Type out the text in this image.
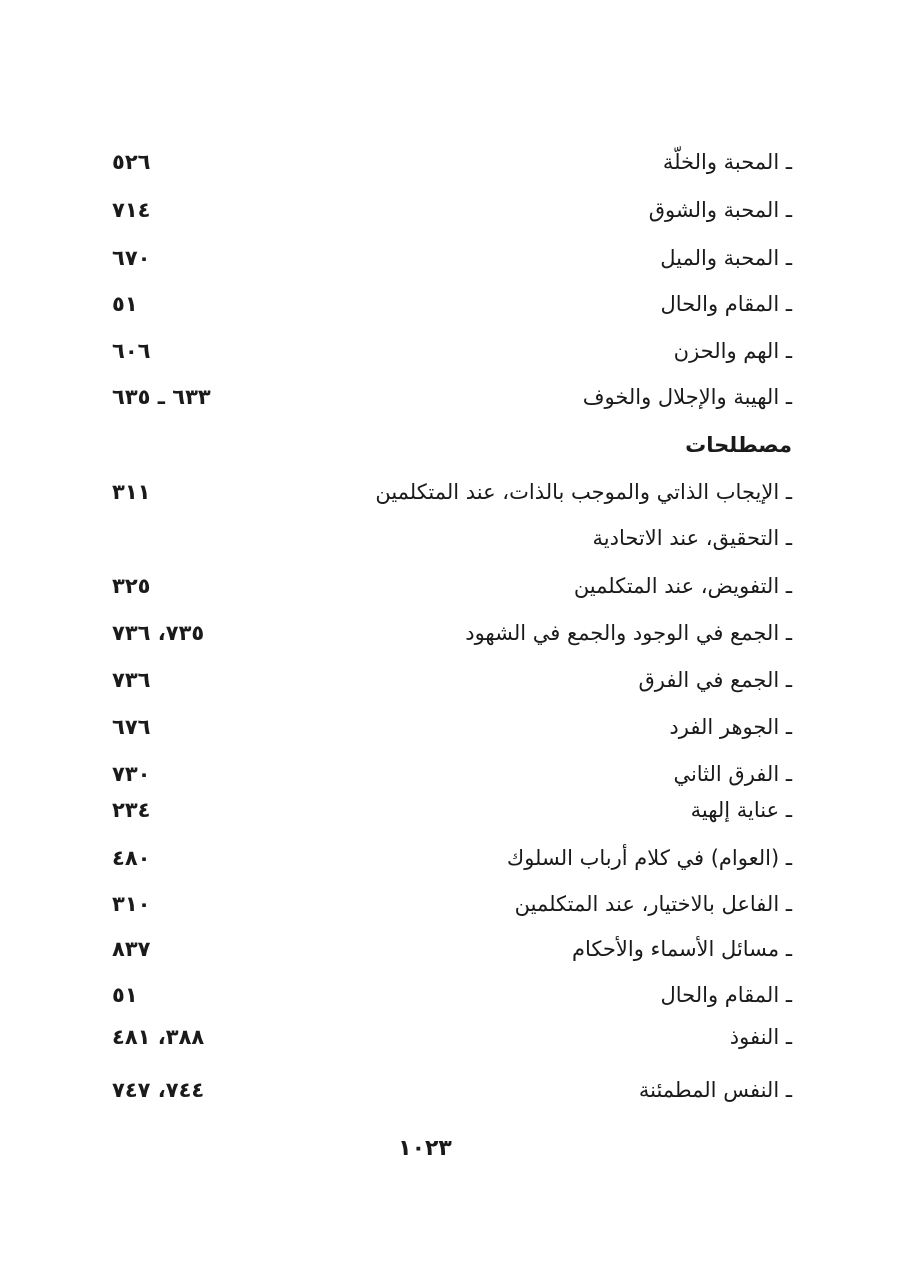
ـ المحبة والخلّة
٥٢٦
ـ المحبة والشوق
٧١٤
ـ المحبة والميل
٦٧٠
ـ المقام والحال
٥١
ـ الهم والحزن
٦٠٦
ـ الهيبة والإجلال والخوف
٦٣٣ ـ ٦٣٥
مصطلحات
ـ الإيجاب الذاتي والموجب بالذات، عند المتكلمين
٣١١
ـ التحقيق، عند الاتحادية
ـ التفويض، عند المتكلمين
٣٢٥
ـ الجمع في الوجود والجمع في الشهود
٧٣٥، ٧٣٦
ـ الجمع في الفرق
٧٣٦
ـ الجوهر الفرد
٦٧٦
ـ الفرق الثاني
٧٣٠
ـ عناية إلهية
٢٣٤
ـ (العوام) في كلام أرباب السلوك
٤٨٠
ـ الفاعل بالاختيار، عند المتكلمين
٣١٠
ـ مسائل الأسماء والأحكام
٨٣٧
ـ المقام والحال
٥١
ـ النفوذ
٣٨٨، ٤٨١
ـ النفس المطمئنة
٧٤٤، ٧٤٧
١٠٢٣
